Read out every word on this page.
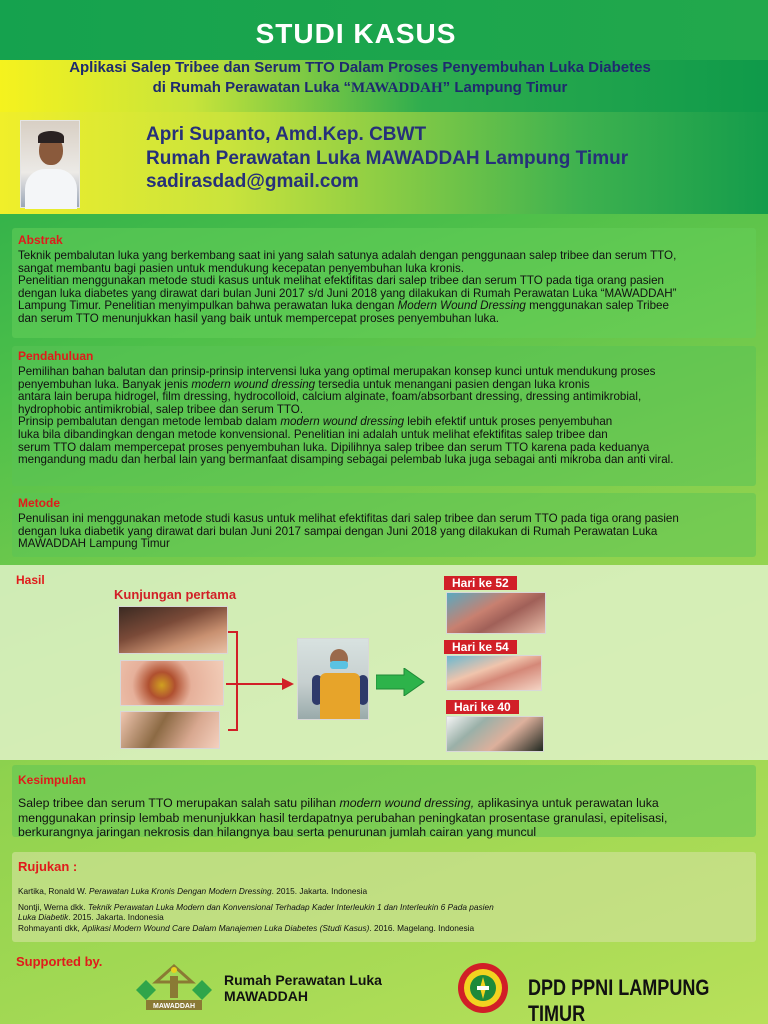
STUDI KASUS
Aplikasi Salep Tribee dan Serum TTO Dalam Proses Penyembuhan Luka Diabetes
di Rumah Perawatan Luka “MAWADDAH” Lampung Timur
Apri Supanto, Amd.Kep. CBWT
Rumah Perawatan Luka MAWADDAH Lampung Timur
sadirasdad@gmail.com
Abstrak
Teknik pembalutan luka yang berkembang saat ini yang salah satunya adalah dengan penggunaan salep tribee dan serum TTO,
sangat membantu bagi pasien untuk mendukung kecepatan penyembuhan luka kronis.
Penelitian menggunakan metode studi kasus untuk melihat efektifitas dari salep tribee dan serum TTO pada tiga orang pasien
dengan luka diabetes yang dirawat dari bulan Juni 2017 s/d Juni 2018 yang dilakukan di Rumah Perawatan Luka “MAWADDAH”
Lampung Timur. Penelitian menyimpulkan bahwa perawatan luka dengan Modern Wound Dressing menggunakan salep Tribee
dan serum TTO menunjukkan hasil yang baik untuk mempercepat proses penyembuhan luka.
Pendahuluan
Pemilihan bahan balutan dan prinsip-prinsip intervensi luka yang optimal merupakan konsep kunci untuk mendukung proses
penyembuhan luka. Banyak jenis modern wound dressing tersedia untuk menangani pasien dengan luka kronis
antara lain berupa hidrogel, film dressing, hydrocolloid, calcium alginate, foam/absorbant dressing, dressing antimikrobial,
hydrophobic antimikrobial, salep tribee dan serum TTO.
Prinsip pembalutan dengan metode lembab dalam modern wound dressing lebih efektif untuk proses penyembuhan
luka bila dibandingkan dengan metode konvensional. Penelitian ini adalah untuk melihat efektifitas salep tribee dan
serum TTO dalam mempercepat proses penyembuhan luka. Dipilihnya salep tribee dan serum TTO karena pada keduanya
mengandung madu dan herbal lain yang bermanfaat disamping sebagai pelembab luka juga sebagai anti mikroba dan anti viral.
Metode
Penulisan ini menggunakan metode studi kasus untuk melihat efektifitas dari salep tribee dan serum TTO pada tiga orang pasien
dengan luka diabetik yang dirawat dari bulan Juni 2017 sampai dengan Juni 2018 yang dilakukan di Rumah Perawatan Luka
MAWADDAH Lampung Timur
Hasil
Kunjungan pertama
Hari ke 52
Hari ke 54
Hari ke 40
Kesimpulan
Salep tribee dan serum TTO merupakan salah satu pilihan modern wound dressing, aplikasinya untuk perawatan luka
menggunakan prinsip lembab menunjukkan hasil terdapatnya perubahan peningkatan prosentase granulasi, epitelisasi,
berkurangnya jaringan nekrosis dan hilangnya bau serta penurunan jumlah cairan yang muncul
Rujukan :
Kartika, Ronald W. Perawatan Luka Kronis Dengan Modern Dressing. 2015. Jakarta. Indonesia
Nontji, Werna dkk. Teknik Perawatan Luka Modern dan Konvensional Terhadap Kader Interleukin 1 dan Interleukin 6 Pada pasien
Luka Diabetik. 2015. Jakarta. Indonesia
Rohmayanti dkk, Aplikasi Modern Wound Care Dalam Manajemen Luka Diabetes (Studi Kasus). 2016. Magelang. Indonesia
Supported by.
MAWADDAH
Rumah Perawatan Luka
MAWADDAH	DPD PPNI LAMPUNG TIMUR
